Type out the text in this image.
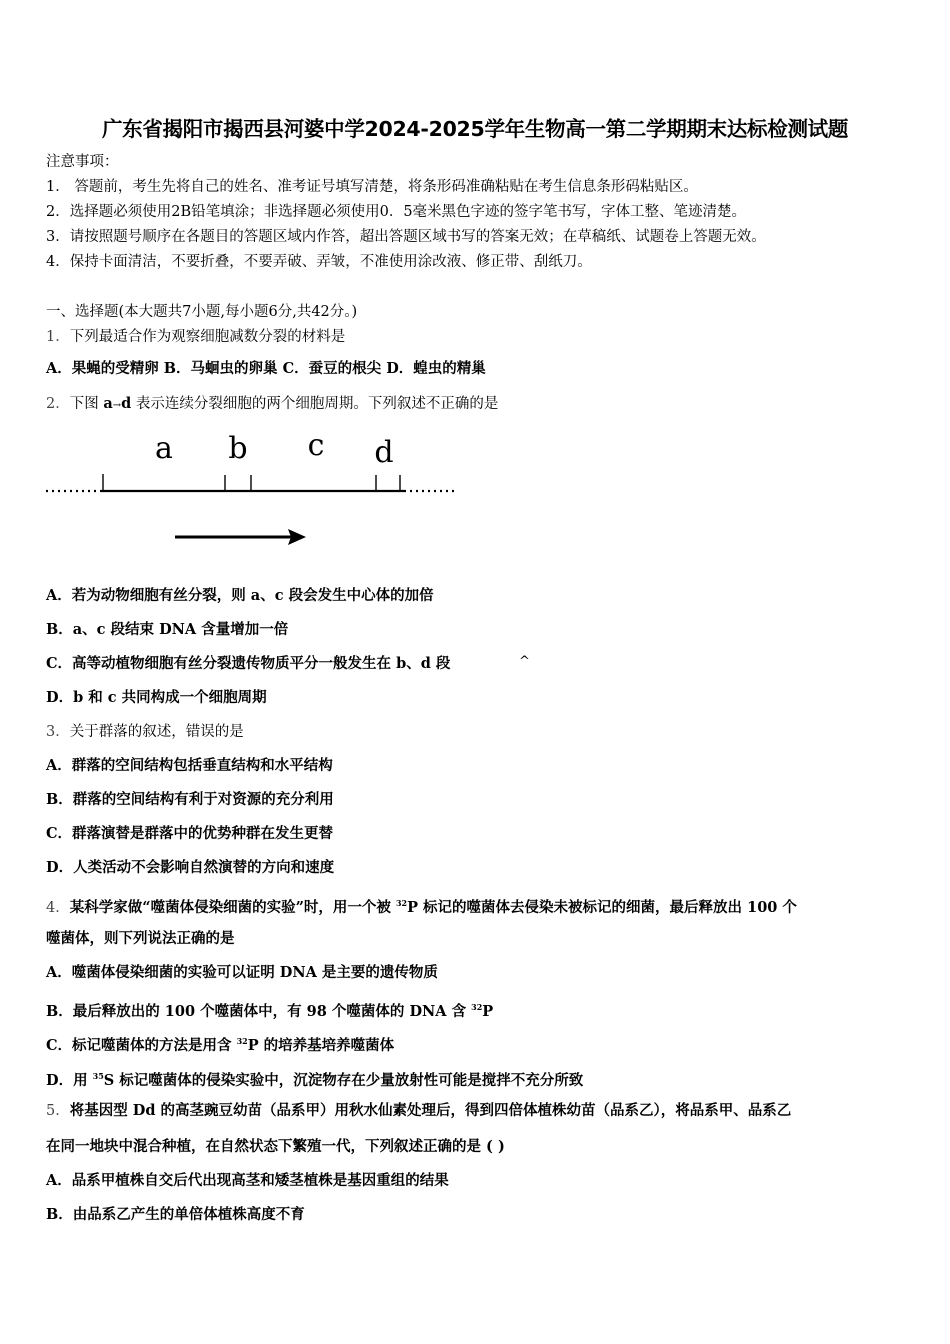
广东省揭阳市揭西县河婆中学2024-2025学年生物高一第二学期期末达标检测试题
注意事项：
1． 答题前，考生先将自己的姓名、准考证号填写清楚，将条形码准确粘贴在考生信息条形码粘贴区。
2．选择题必须使用2B铅笔填涂；非选择题必须使用0．5毫米黑色字迹的签字笔书写，字体工整、笔迹清楚。
3．请按照题号顺序在各题目的答题区域内作答，超出答题区域书写的答案无效；在草稿纸、试题卷上答题无效。
4．保持卡面清洁，不要折叠，不要弄破、弄皱，不准使用涂改液、修正带、刮纸刀。
一、选择题(本大题共7小题,每小题6分,共42分。)
1．下列最适合作为观察细胞减数分裂的材料是
A．果蝇的受精卵 B．马蛔虫的卵巢 C．蚕豆的根尖 D．蝗虫的精巢
2．下图 a→d 表示连续分裂细胞的两个细胞周期。下列叙述不正确的是
a b c d
A．若为动物细胞有丝分裂，则 a、c 段会发生中心体的加倍
B．a、c 段结束 DNA 含量增加一倍
C．高等动植物细胞有丝分裂遗传物质平分一般发生在 b、d 段	^
D．b 和 c 共同构成一个细胞周期
3．关于群落的叙述，错误的是
A．群落的空间结构包括垂直结构和水平结构
B．群落的空间结构有利于对资源的充分利用
C．群落演替是群落中的优势种群在发生更替
D．人类活动不会影响自然演替的方向和速度
4．某科学家做“噬菌体侵染细菌的实验”时，用一个被 $^{32}$P 标记的噬菌体去侵染未被标记的细菌，最后释放出 100 个
噬菌体，则下列说法正确的是
A．噬菌体侵染细菌的实验可以证明 DNA 是主要的遗传物质
B．最后释放出的 100 个噬菌体中，有 98 个噬菌体的 DNA 含 $^{32}$P
C．标记噬菌体的方法是用含 $^{32}$P 的培养基培养噬菌体
D．用 $^{35}$S 标记噬菌体的侵染实验中，沉淀物存在少量放射性可能是搅拌不充分所致
5．将基因型 Dd 的高茎豌豆幼苗（品系甲）用秋水仙素处理后，得到四倍体植株幼苗（品系乙），将品系甲、品系乙
在同一地块中混合种植，在自然状态下繁殖一代，下列叙述正确的是 ( )
A．品系甲植株自交后代出现高茎和矮茎植株是基因重组的结果
B．由品系乙产生的单倍体植株高度不育
